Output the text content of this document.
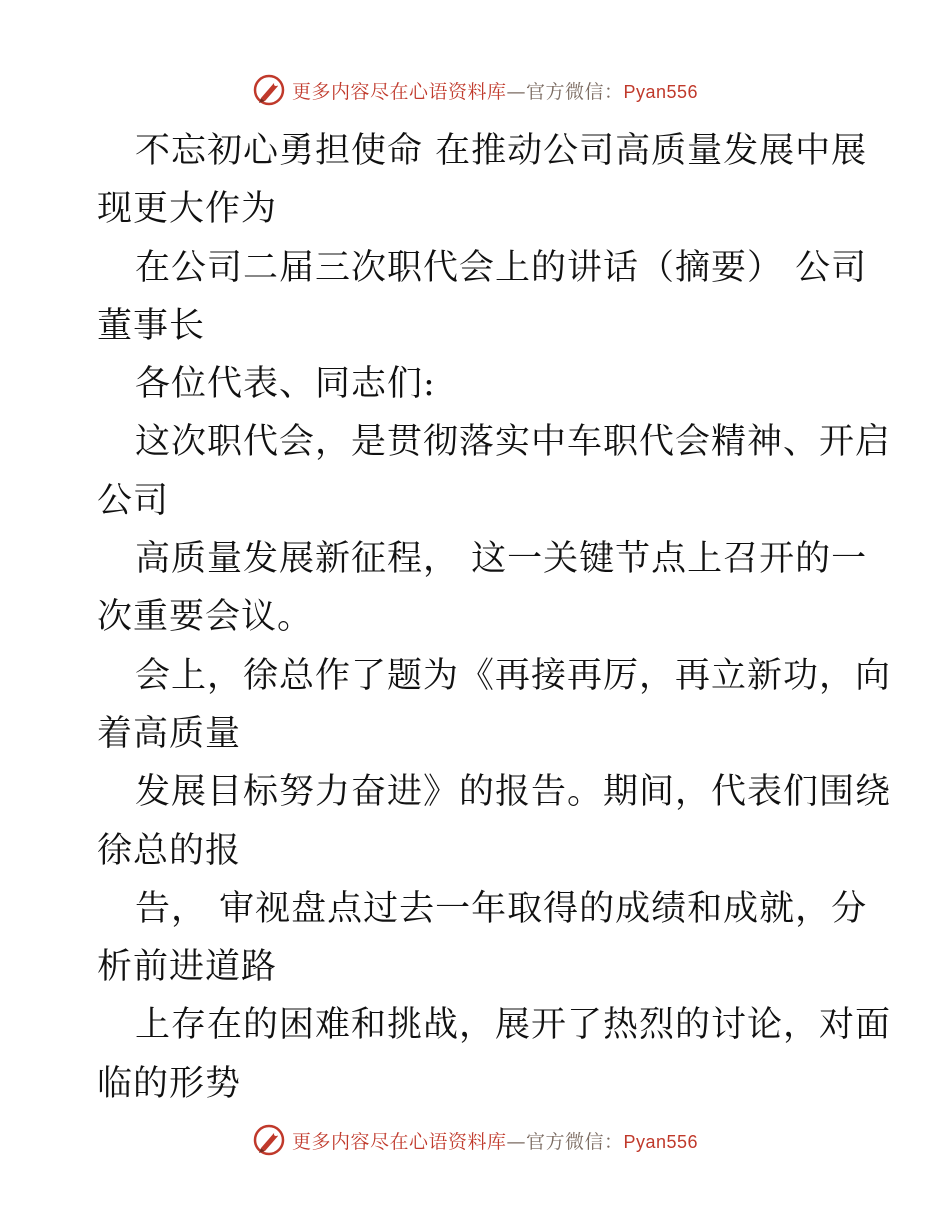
更多内容尽在心语资料库 — 官方微信： Pyan556
不忘初心勇担使命 在推动公司高质量发展中展
现更大作为
在公司二届三次职代会上的讲话（摘要） 公司
董事长
各位代表、同志们:
这次职代会，是贯彻落实中车职代会精神、开启
公司
高质量发展新征程， 这一关键节点上召开的一
次重要会议。
会上，徐总作了题为《再接再厉，再立新功，向
着高质量
发展目标努力奋进》的报告。期间，代表们围绕
徐总的报
告， 审视盘点过去一年取得的成绩和成就，分
析前进道路
上存在的困难和挑战，展开了热烈的讨论，对面
临的形势
更多内容尽在心语资料库 — 官方微信： Pyan556
